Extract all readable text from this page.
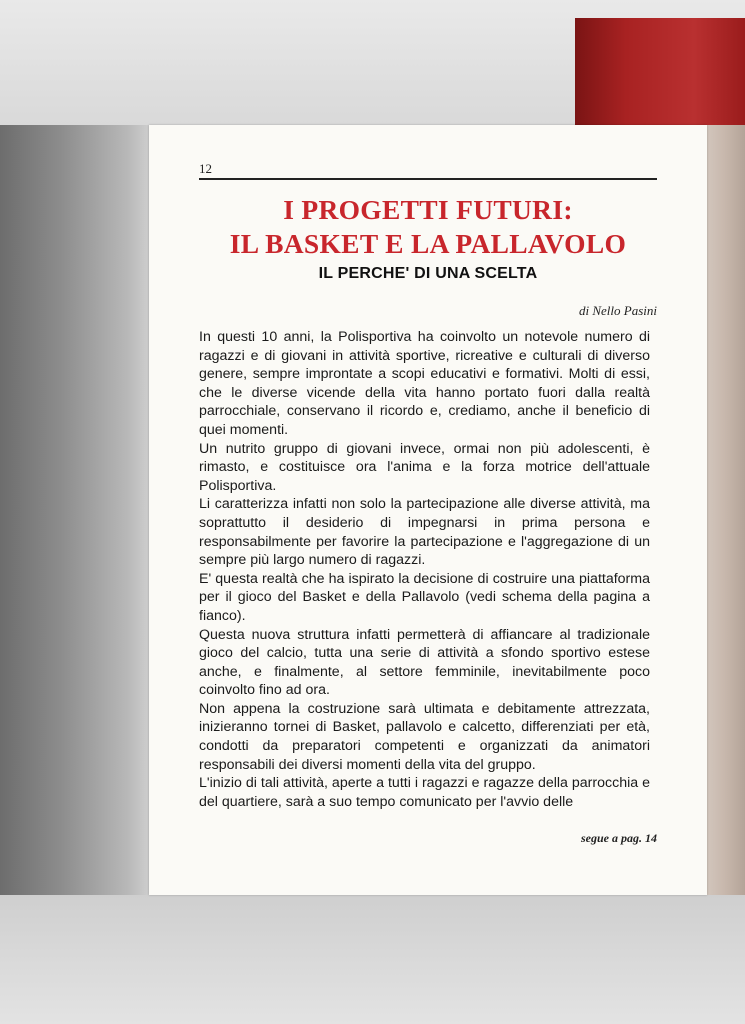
12
I PROGETTI FUTURI:
IL BASKET E LA PALLAVOLO
IL PERCHE' DI UNA SCELTA
di Nello Pasini

In questi 10 anni, la Polisportiva ha coinvolto un notevole numero di ragazzi e di giovani in attività sportive, ricreative e culturali di diverso genere, sempre improntate a scopi educativi e formativi. Molti di essi, che le diverse vicende della vita hanno portato fuori dalla realtà parrocchiale, conservano il ricordo e, crediamo, anche il beneficio di quei momenti.

Un nutrito gruppo di giovani invece, ormai non più adolescenti, è rimasto, e costituisce ora l'anima e la forza motrice dell'attuale Polisportiva.

Li caratterizza infatti non solo la partecipazione alle diverse attività, ma soprattutto il desiderio di impegnarsi in prima persona e responsabilmente per favorire la partecipazione e l'aggregazione di un sempre più largo numero di ragazzi.

E' questa realtà che ha ispirato la decisione di costruire una piattaforma per il gioco del Basket e della Pallavolo (vedi schema della pagina a fianco).

Questa nuova struttura infatti permetterà di affiancare al tradizionale gioco del calcio, tutta una serie di attività a sfondo sportivo estese anche, e finalmente, al settore femminile, inevitabilmente poco coinvolto fino ad ora.

Non appena la costruzione sarà ultimata e debitamente attrezzata, inizieranno tornei di Basket, pallavolo e calcetto, differenziati per età, condotti da preparatori competenti e organizzati da animatori responsabili dei diversi momenti della vita del gruppo.

L'inizio di tali attività, aperte a tutti i ragazzi e ragazze della parrocchia e del quartiere, sarà a suo tempo comunicato per l'avvio delle

segue a pag. 14
